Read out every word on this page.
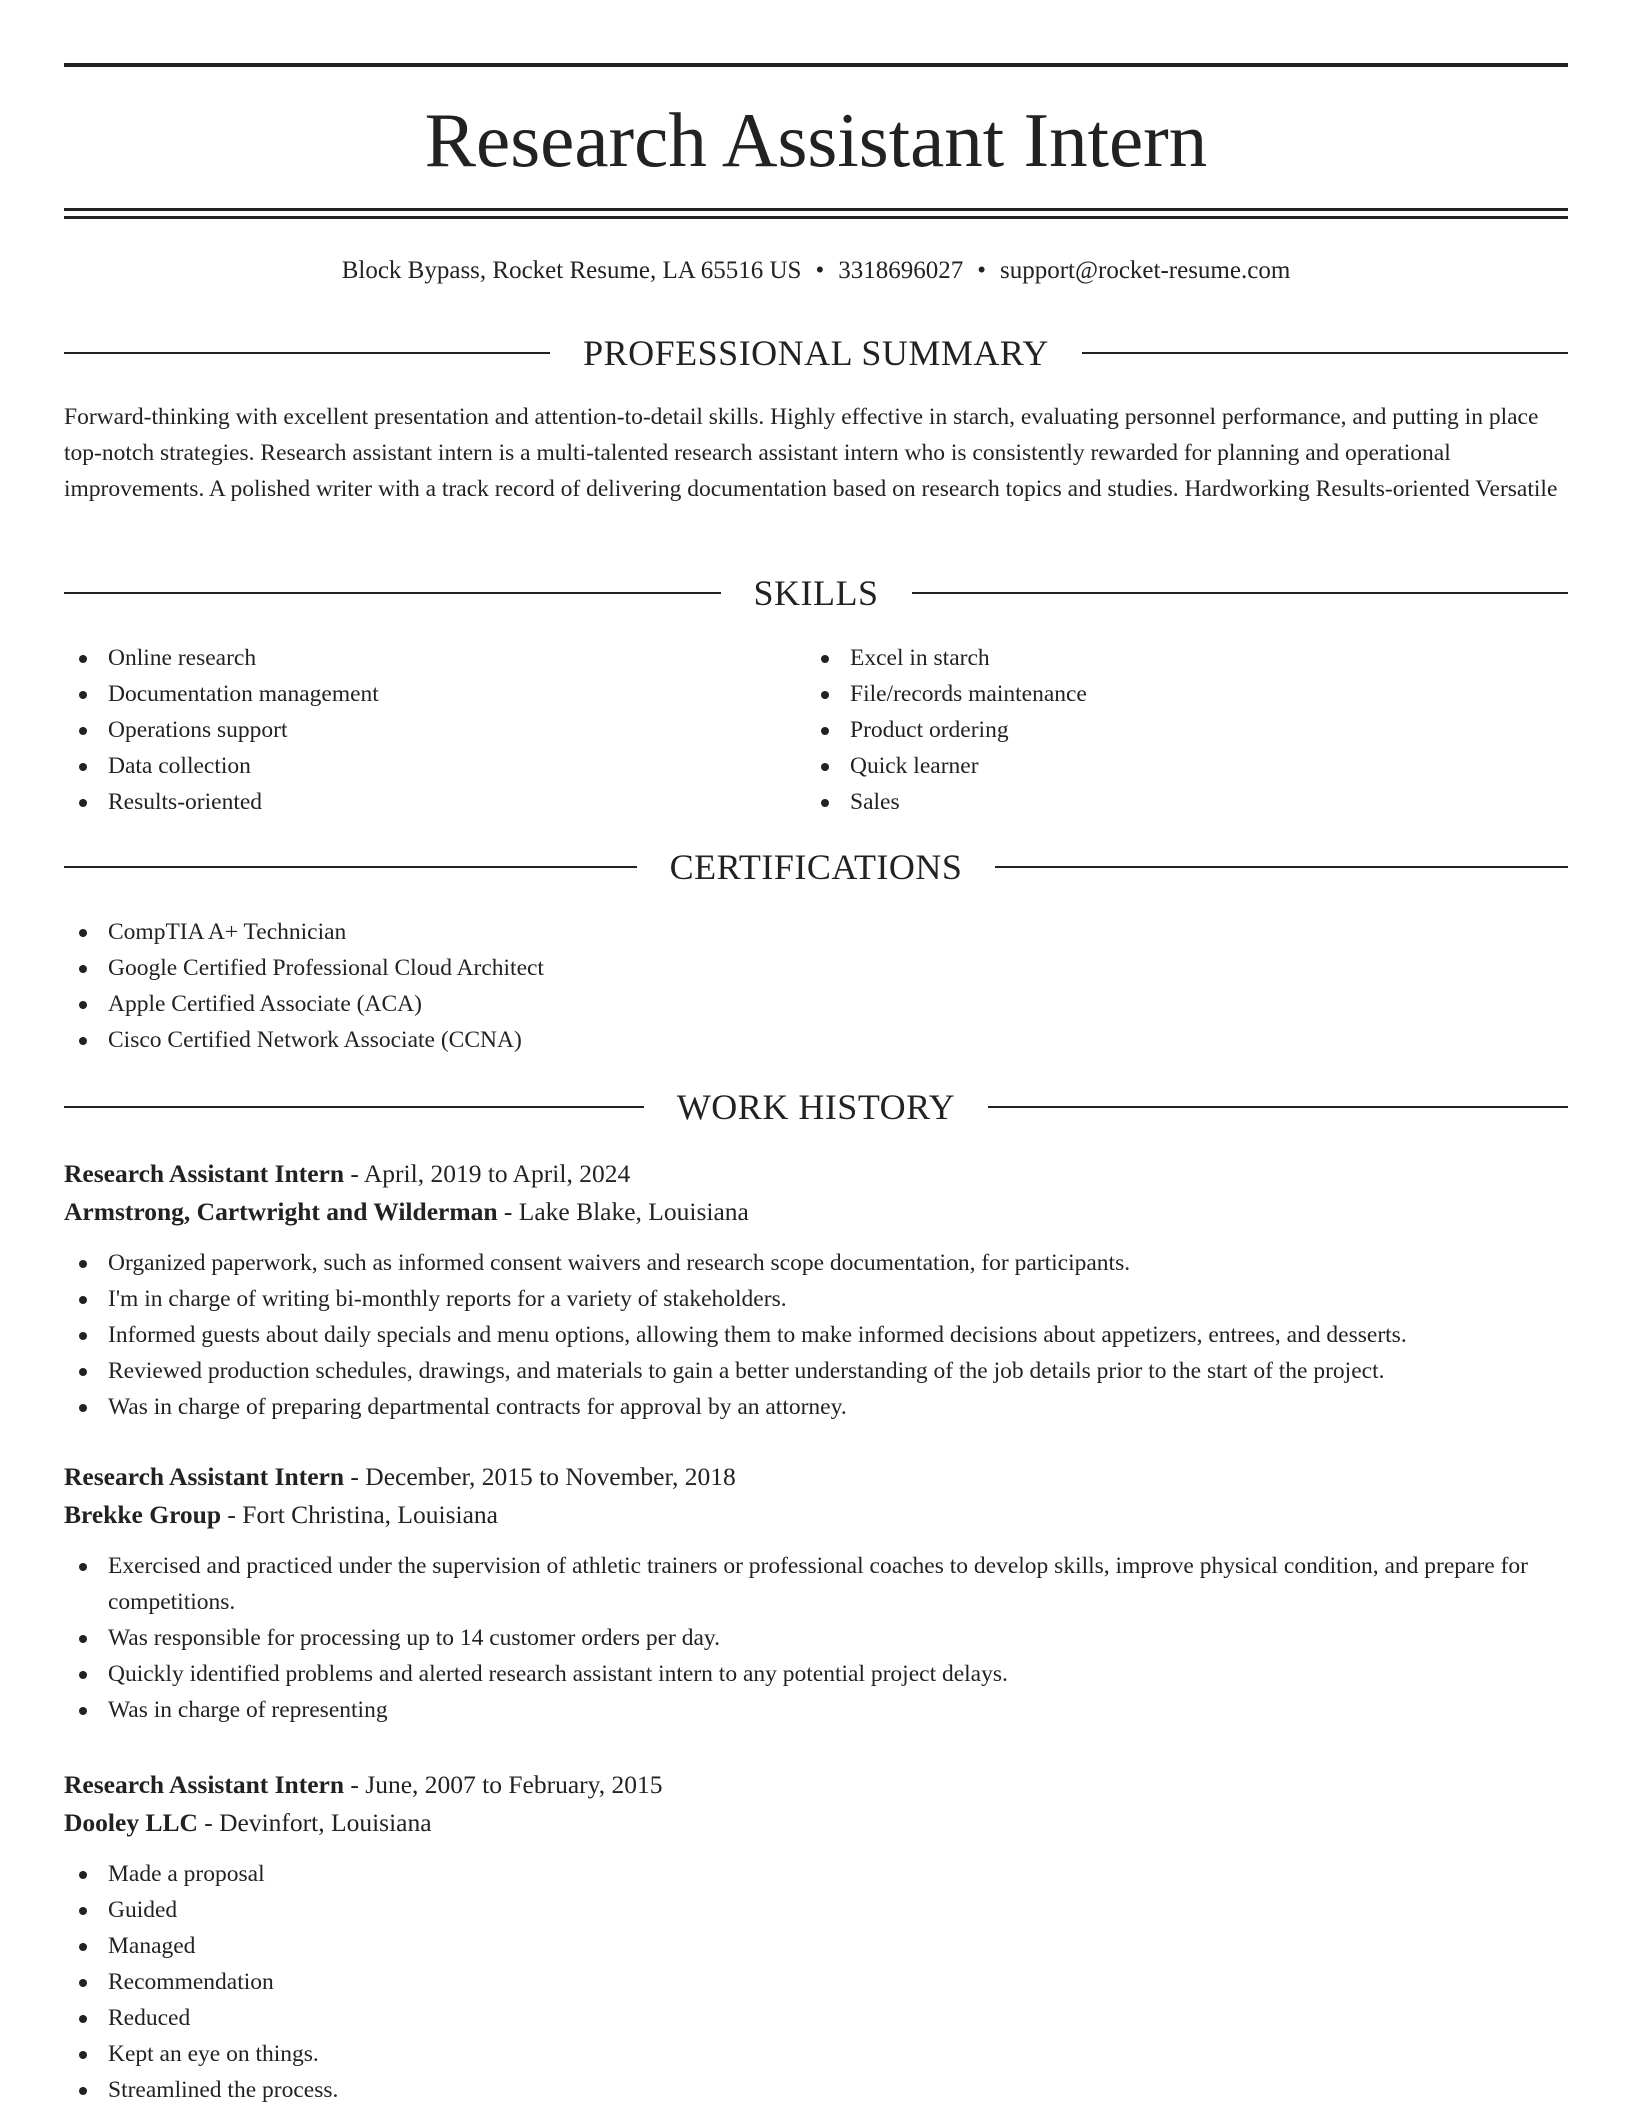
Research Assistant Intern
Block Bypass, Rocket Resume, LA 65516 US • 3318696027 • support@rocket-resume.com
PROFESSIONAL SUMMARY

Forward-thinking with excellent presentation and attention-to-detail skills. Highly effective in starch, evaluating personnel performance, and putting in place top-notch strategies. Research assistant intern is a multi-talented research assistant intern who is consistently rewarded for planning and operational improvements. A polished writer with a track record of delivering documentation based on research topics and studies. Hardworking Results-oriented Versatile

SKILLS
Online research
Documentation management
Operations support
Data collection
Results-oriented
Excel in starch
File/records maintenance
Product ordering
Quick learner
Sales
CERTIFICATIONS
CompTIA A+ Technician
Google Certified Professional Cloud Architect
Apple Certified Associate (ACA)
Cisco Certified Network Associate (CCNA)
WORK HISTORY
Research Assistant Intern - April, 2019 to April, 2024
Armstrong, Cartwright and Wilderman - Lake Blake, Louisiana
Organized paperwork, such as informed consent waivers and research scope documentation, for participants.
I'm in charge of writing bi-monthly reports for a variety of stakeholders.
Informed guests about daily specials and menu options, allowing them to make informed decisions about appetizers, entrees, and desserts.
Reviewed production schedules, drawings, and materials to gain a better understanding of the job details prior to the start of the project.
Was in charge of preparing departmental contracts for approval by an attorney.
Research Assistant Intern - December, 2015 to November, 2018
Brekke Group - Fort Christina, Louisiana
Exercised and practiced under the supervision of athletic trainers or professional coaches to develop skills, improve physical condition, and prepare for competitions.
Was responsible for processing up to 14 customer orders per day.
Quickly identified problems and alerted research assistant intern to any potential project delays.
Was in charge of representing
Research Assistant Intern - June, 2007 to February, 2015
Dooley LLC - Devinfort, Louisiana
Made a proposal
Guided
Managed
Recommendation
Reduced
Kept an eye on things.
Streamlined the process.
